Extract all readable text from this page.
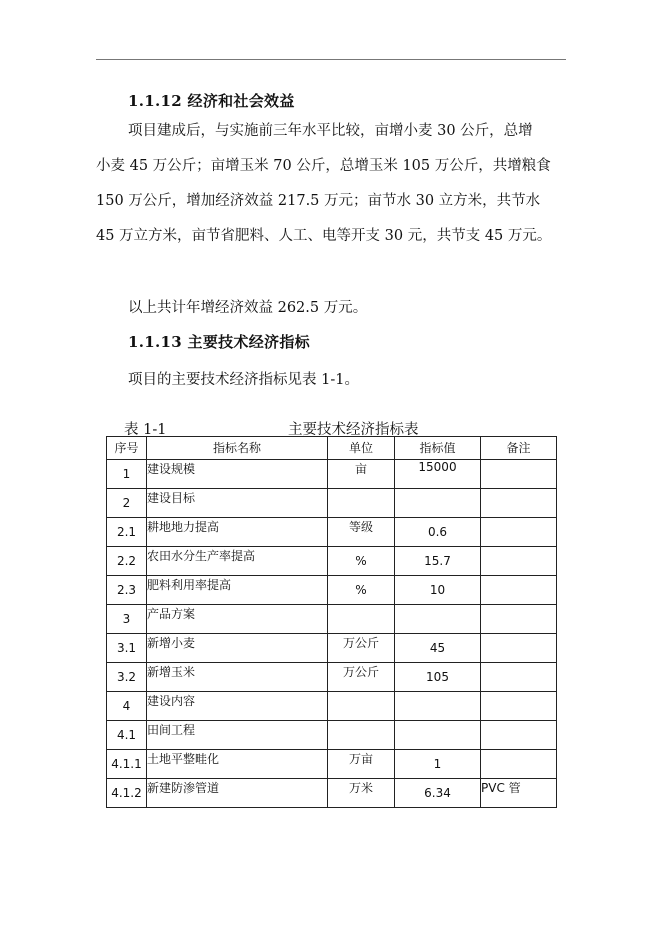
1.1.12 经济和社会效益
项目建成后，与实施前三年水平比较，亩增小麦 30 公斤，总增
小麦 45 万公斤；亩增玉米 70 公斤，总增玉米 105 万公斤，共增粮食
150 万公斤，增加经济效益 217.5 万元；亩节水 30 立方米，共节水
45 万立方米，亩节省肥料、人工、电等开支 30 元，共节支 45 万元。
以上共计年增经济效益 262.5 万元。
1.1.13 主要技术经济指标
项目的主要技术经济指标见表 1-1。
表 1-1	主要技术经济指标表
序号	指标名称	单位	指标值	备注
1	建设规模	亩	15000	
2	建设目标			
2.1	耕地地力提高	等级	0.6	
2.2	农田水分生产率提高	%	15.7	
2.3	肥料利用率提高	%	10	
3	产品方案			
3.1	新增小麦	万公斤	45	
3.2	新增玉米	万公斤	105	
4	建设内容			
4.1	田间工程			
4.1.1	土地平整畦化	万亩	1	
4.1.2	新建防渗管道	万米	6.34	PVC 管
